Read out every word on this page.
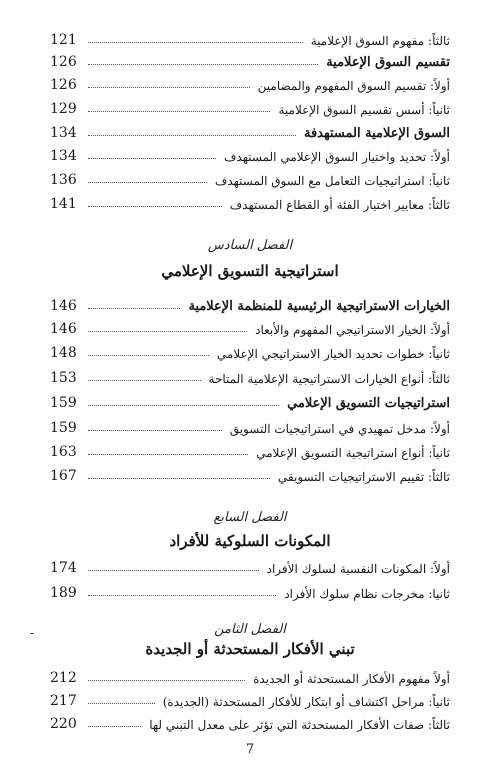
ثالثاً: مفهوم السوق الإعلامية
121
تقسيم السوق الإعلامية
126
أولاً: تقسيم السوق المفهوم والمضامين
126
ثانياً: أسس تقسيم السوق الإعلامية
129
السوق الإعلامية المستهدفة
134
أولاً: تحديد واختيار السوق الإعلامي المستهدف
134
ثانياً: استراتيجيات التعامل مع السوق المستهدف
136
ثالثاً: معايير اختيار الفئة أو القطاع المستهدف
141
الفصل السادس
استراتيجية التسويق الإعلامي
الخيارات الاستراتيجية الرئيسية للمنظمة الإعلامية
146
أولاً: الخيار الاستراتيجي المفهوم والأبعاد
146
ثانياً: خطوات تحديد الخيار الاستراتيجي الإعلامي
148
ثالثاً: أنواع الخيارات الاستراتيجية الإعلامية المتاحة
153
استراتيجيات التسويق الإعلامي
159
أولاً: مدخل تمهيدي في استراتيجيات التسويق
159
ثانياً: أنواع استراتيجية التسويق الإعلامي
163
ثالثاً: تقييم الاستراتيجيات التسويقي
167
الفصل السابع
المكونات السلوكية للأفراد
أولاً: المكونات النفسية لسلوك الأفراد
174
ثانيا: مخرجات نظام سلوك الأفراد
189
-	الفصل الثامن
تبني الأفكار المستحدثة أو الجديدة
أولاً مفهوم الأفكار المستحدثة أو الجديدة
212
ثانياً: مراحل اكتشاف أو ابتكار للأفكار المستحدثة (الجديدة)
217
ثالثاً: صفات الأفكار المستحدثة التي تؤثر على معدل التبني لها
220
7
